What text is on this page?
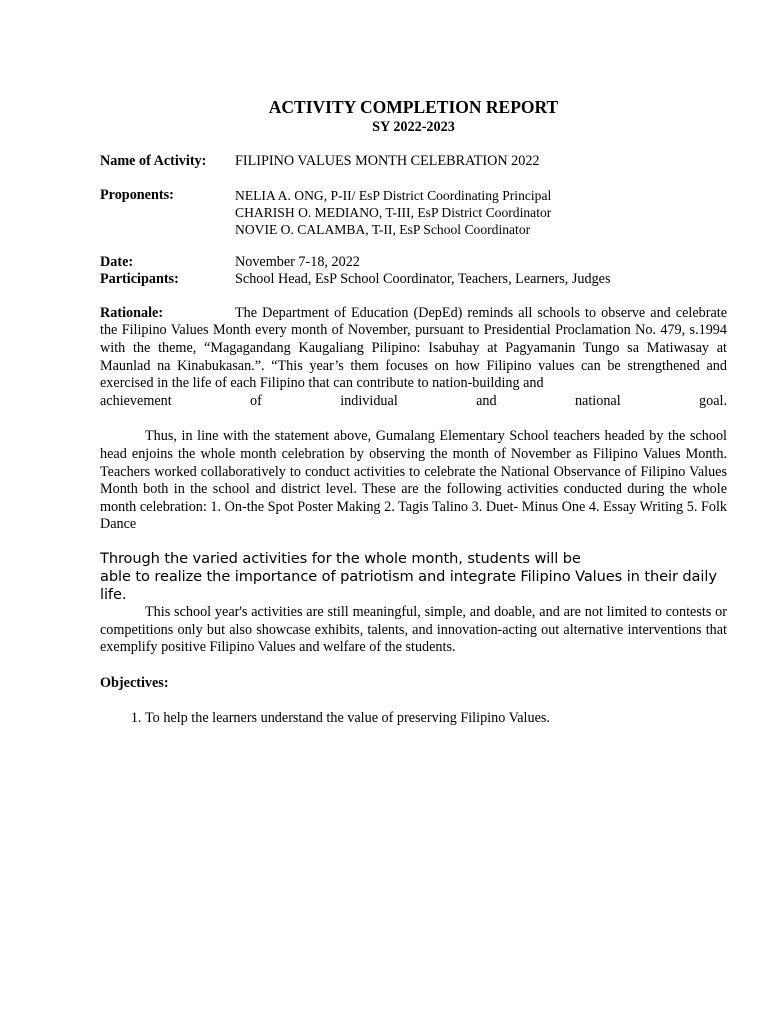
ACTIVITY COMPLETION REPORT

SY 2022-2023

Name of Activity:	FILIPINO VALUES MONTH CELEBRATION 2022
Proponents:	NELIA A. ONG, P-II/ EsP District Coordinating Principal
CHARISH O. MEDIANO, T-III, EsP District Coordinator
NOVIE O. CALAMBA, T-II, EsP School Coordinator
Date:	November 7-18, 2022
Participants:	School Head, EsP School Coordinator, Teachers, Learners, Judges

Rationale:	The Department of Education (DepEd) reminds all schools to observe and celebrate the Filipino Values Month every month of November, pursuant to Presidential Proclamation No. 479, s.1994 with the theme, “Magagandang Kaugaliang Pilipino: Isabuhay at Pagyamanin Tungo sa Matiwasay at Maunlad na Kinabukasan.”. “This year’s them focuses on how Filipino values can be strengthened and exercised in the life of each Filipino that can contribute to nation-building and

achievement of individual and national goal.

Thus, in line with the statement above, Gumalang Elementary School teachers headed by the school head enjoins the whole month celebration by observing the month of November as Filipino Values Month. Teachers worked collaboratively to conduct activities to celebrate the National Observance of Filipino Values Month both in the school and district level. These are the following activities conducted during the whole month celebration: 1. On-the Spot Poster Making 2. Tagis Talino 3. Duet- Minus One 4. Essay Writing 5. Folk Dance

Through the varied activities for the whole month, students will be
able to realize the importance of patriotism and integrate Filipino Values in their daily life.

This school year's activities are still meaningful, simple, and doable, and are not limited to contests or competitions only but also showcase exhibits, talents, and innovation-acting out alternative interventions that exemplify positive Filipino Values and welfare of the students.

Objectives:

1. To help the learners understand the value of preserving Filipino Values.
